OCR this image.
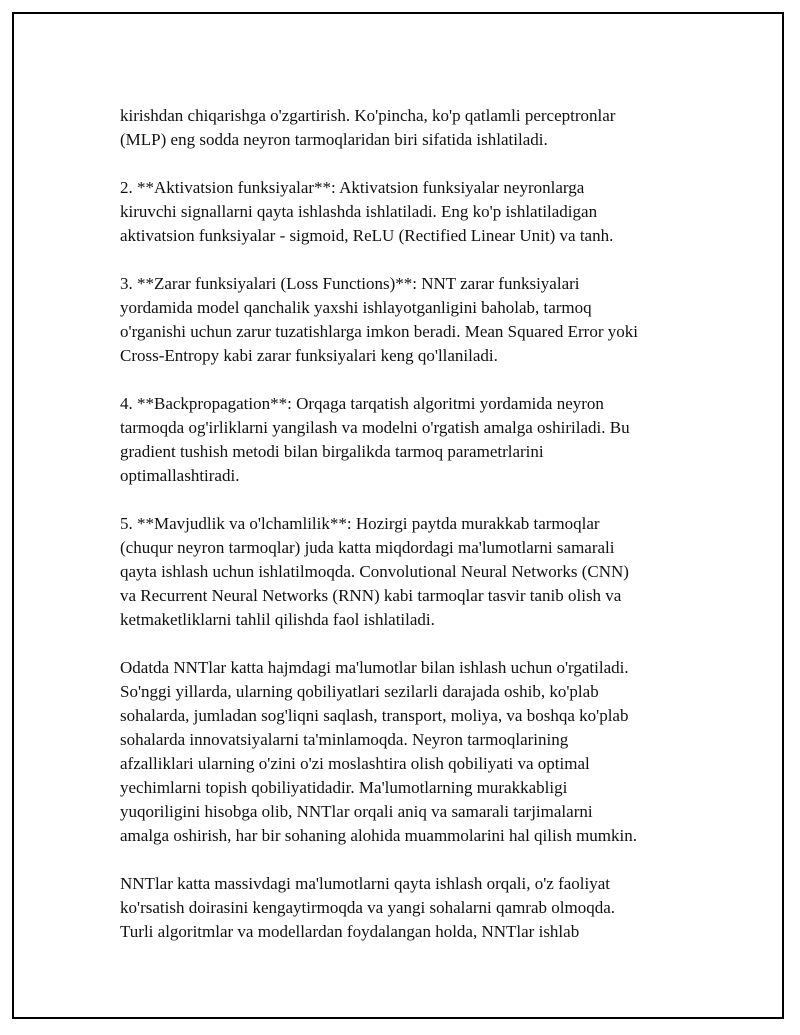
kirishdan chiqarishga o'zgartirish. Ko'pincha, ko'p qatlamli perceptronlar
(MLP) eng sodda neyron tarmoqlaridan biri sifatida ishlatiladi.

2. **Aktivatsion funksiyalar**: Aktivatsion funksiyalar neyronlarga
kiruvchi signallarni qayta ishlashda ishlatiladi. Eng ko'p ishlatiladigan
aktivatsion funksiyalar - sigmoid, ReLU (Rectified Linear Unit) va tanh.

3. **Zarar funksiyalari (Loss Functions)**: NNT zarar funksiyalari
yordamida model qanchalik yaxshi ishlayotganligini baholab, tarmoq
o'rganishi uchun zarur tuzatishlarga imkon beradi. Mean Squared Error yoki
Cross-Entropy kabi zarar funksiyalari keng qo'llaniladi.

4. **Backpropagation**: Orqaga tarqatish algoritmi yordamida neyron
tarmoqda og'irliklarni yangilash va modelni o'rgatish amalga oshiriladi. Bu
gradient tushish metodi bilan birgalikda tarmoq parametrlarini
optimallashtiradi.

5. **Mavjudlik va o'lchamlilik**: Hozirgi paytda murakkab tarmoqlar
(chuqur neyron tarmoqlar) juda katta miqdordagi ma'lumotlarni samarali
qayta ishlash uchun ishlatilmoqda. Convolutional Neural Networks (CNN)
va Recurrent Neural Networks (RNN) kabi tarmoqlar tasvir tanib olish va
ketmaketliklarni tahlil qilishda faol ishlatiladi.

Odatda NNTlar katta hajmdagi ma'lumotlar bilan ishlash uchun o'rgatiladi.
So'nggi yillarda, ularning qobiliyatlari sezilarli darajada oshib, ko'plab
sohalarda, jumladan sog'liqni saqlash, transport, moliya, va boshqa ko'plab
sohalarda innovatsiyalarni ta'minlamoqda. Neyron tarmoqlarining
afzalliklari ularning o'zini o'zi moslashtira olish qobiliyati va optimal
yechimlarni topish qobiliyatidadir. Ma'lumotlarning murakkabligi
yuqoriligini hisobga olib, NNTlar orqali aniq va samarali tarjimalarni
amalga oshirish, har bir sohaning alohida muammolarini hal qilish mumkin.

NNTlar katta massivdagi ma'lumotlarni qayta ishlash orqali, o'z faoliyat
ko'rsatish doirasini kengaytirmoqda va yangi sohalarni qamrab olmoqda.
Turli algoritmlar va modellardan foydalangan holda, NNTlar ishlab
